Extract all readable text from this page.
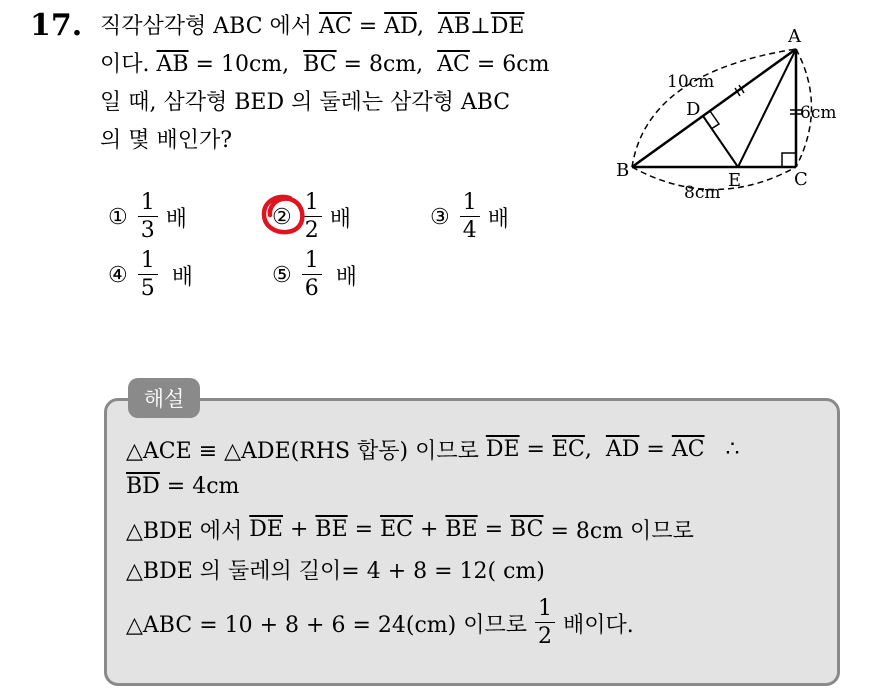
17. 직각삼각형 ABC 에서 $\overline{AC} = \overline{AD}$,  $\overline{AB}\perp\overline{DE}$
이다. $\overline{AB} = 10cm$,  $\overline{BC} = 8cm$,  $\overline{AC} = 6cm$
일 때, 삼각형 BED 의 둘레는 삼각형 ABC
의 몇 배인가?
A
B	C
D
E
10cm
6cm
8cm
① $\frac{1}{3}$ 배	② $\frac{1}{2}$ 배	③ $\frac{1}{4}$ 배
④ $\frac{1}{5}$ 배	⑤ $\frac{1}{6}$ 배
해설
△ACE ≡ △ADE(RHS 합동) 이므로 $\overline{DE} = \overline{EC}$ , $\overline{AD} = \overline{AC}$ ∴
$\overline{BD} = 4cm$
△BDE 에서 $\overline{DE} + \overline{BE} = \overline{EC} + \overline{BE} = \overline{BC} = 8cm$ 이므로
△BDE 의 둘레의 길이= 4 + 8 = 12( cm)
△ABC = 10 + 8 + 6 = 24(cm) 이므로 $\frac{1}{2}$ 배이다.
